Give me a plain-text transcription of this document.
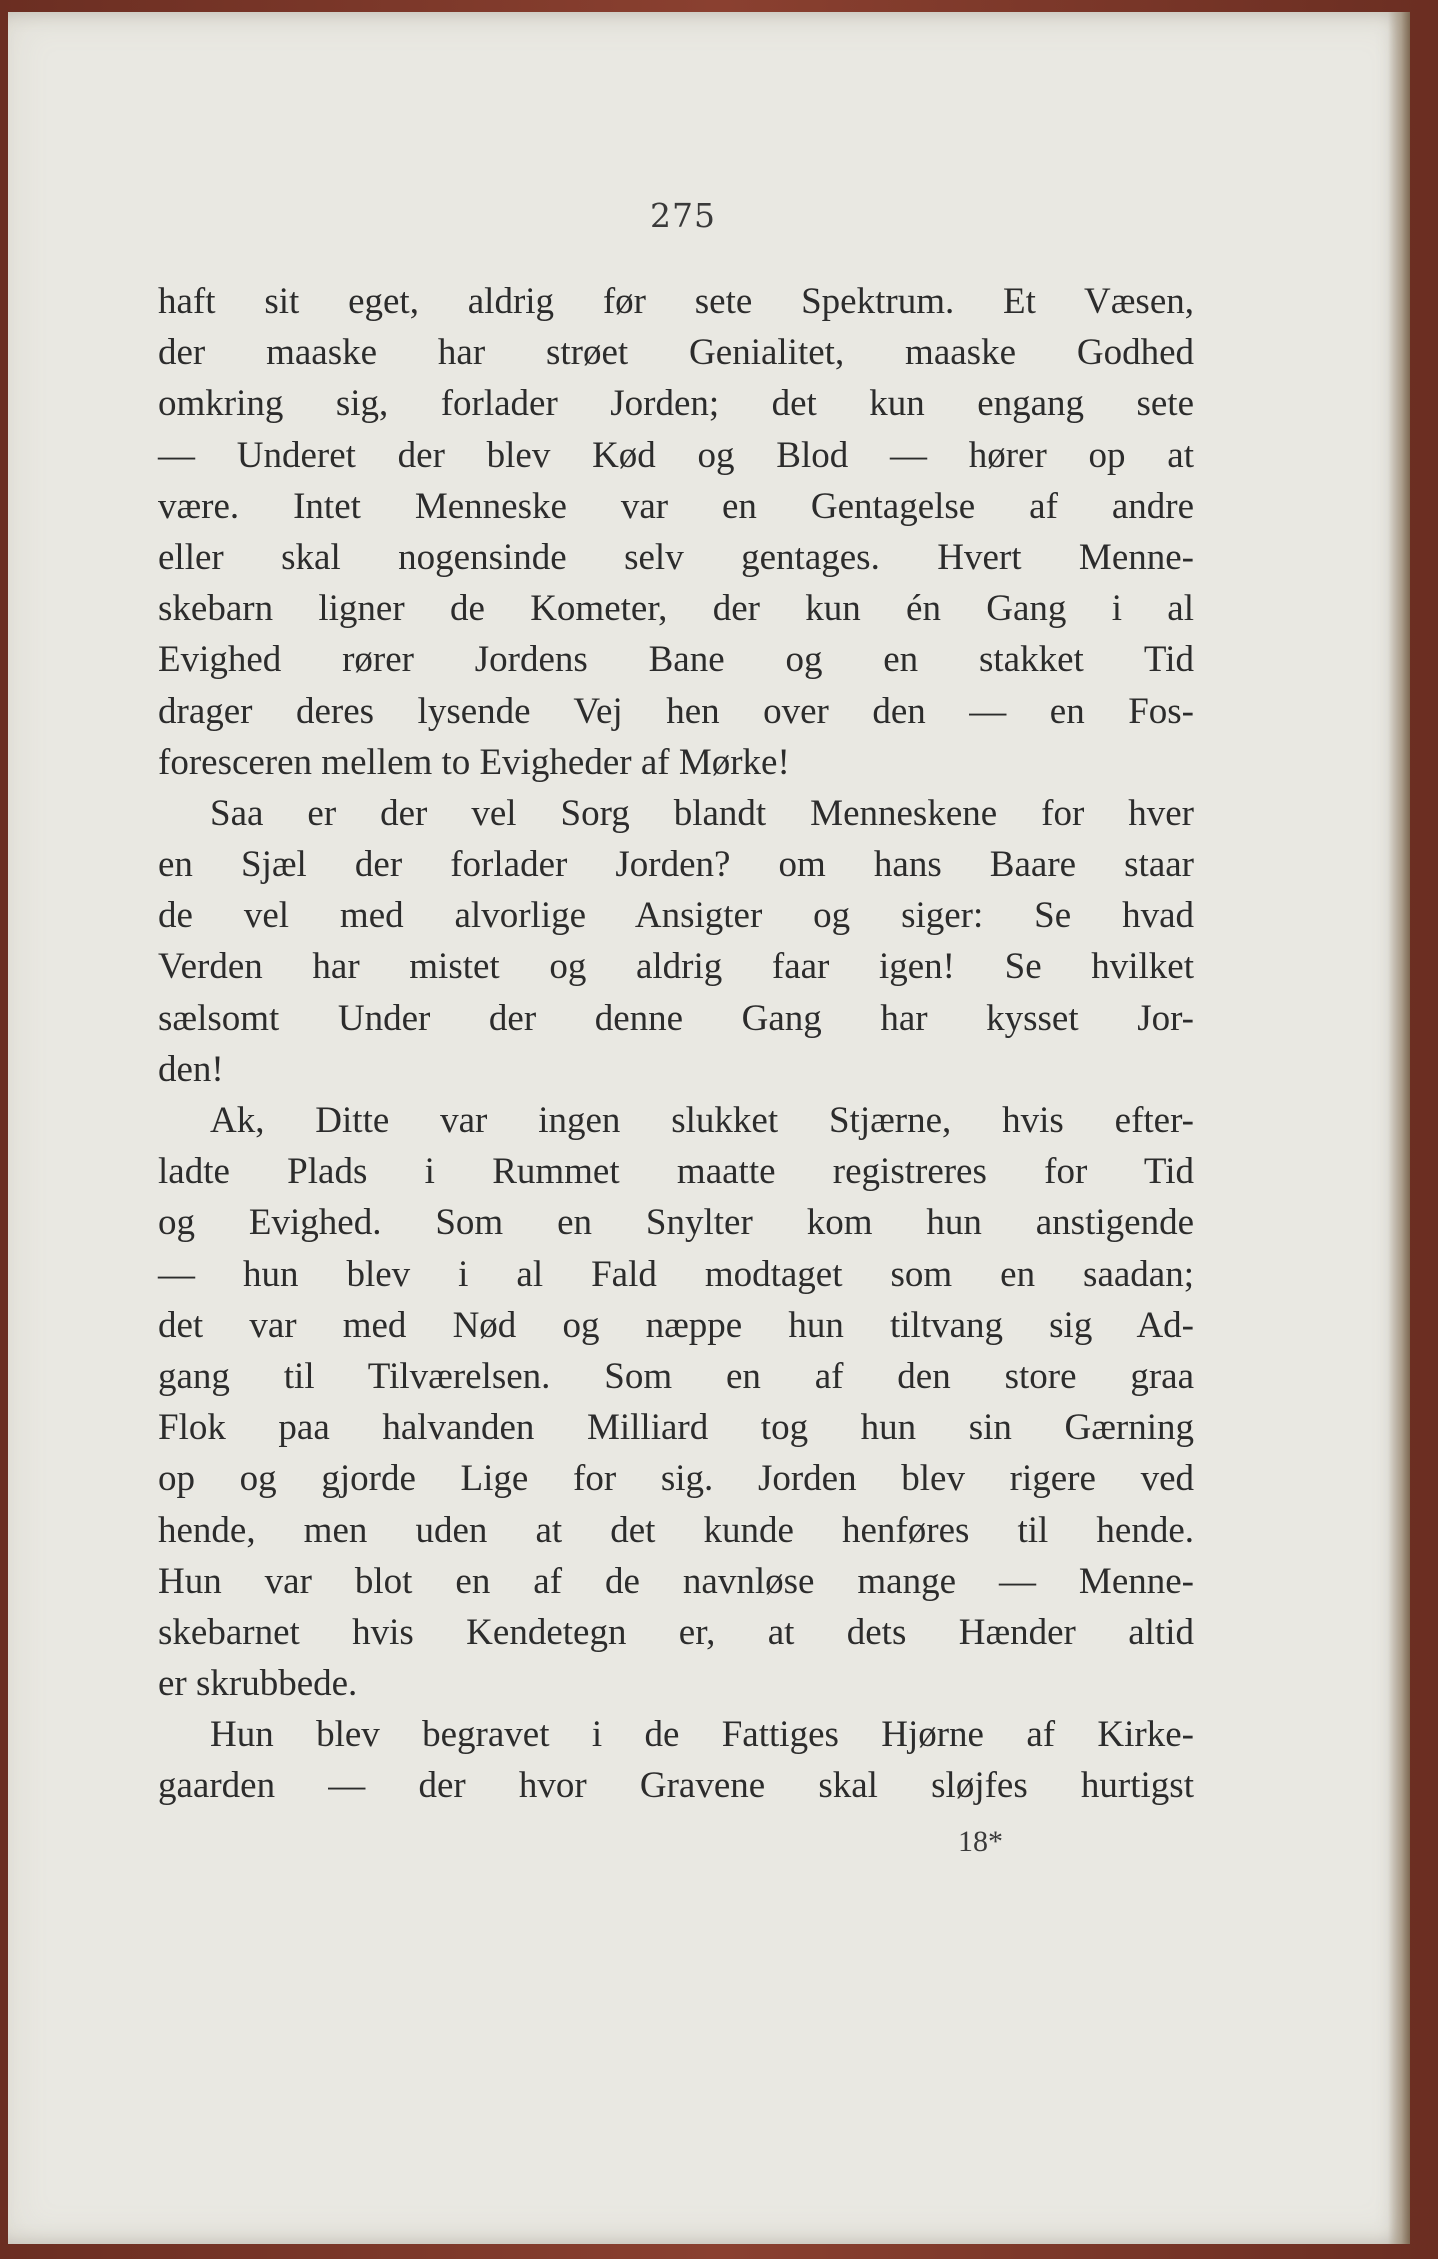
275
haft sit eget, aldrig før sete Spektrum. Et Væsen,
der maaske har strøet Genialitet, maaske Godhed
omkring sig, forlader Jorden; det kun engang sete
— Underet der blev Kød og Blod — hører op at
være. Intet Menneske var en Gentagelse af andre
eller skal nogensinde selv gentages. Hvert Menne-
skebarn ligner de Kometer, der kun én Gang i al
Evighed rører Jordens Bane og en stakket Tid
drager deres lysende Vej hen over den — en Fos-
foresceren mellem to Evigheder af Mørke!
Saa er der vel Sorg blandt Menneskene for hver
en Sjæl der forlader Jorden? om hans Baare staar
de vel med alvorlige Ansigter og siger: Se hvad
Verden har mistet og aldrig faar igen! Se hvilket
sælsomt Under der denne Gang har kysset Jor-
den!
Ak, Ditte var ingen slukket Stjærne, hvis efter-
ladte Plads i Rummet maatte registreres for Tid
og Evighed. Som en Snylter kom hun anstigende
— hun blev i al Fald modtaget som en saadan;
det var med Nød og næppe hun tiltvang sig Ad-
gang til Tilværelsen. Som en af den store graa
Flok paa halvanden Milliard tog hun sin Gærning
op og gjorde Lige for sig. Jorden blev rigere ved
hende, men uden at det kunde henføres til hende.
Hun var blot en af de navnløse mange — Menne-
skebarnet hvis Kendetegn er, at dets Hænder altid
er skrubbede.
Hun blev begravet i de Fattiges Hjørne af Kirke-
gaarden — der hvor Gravene skal sløjfes hurtigst
18*
